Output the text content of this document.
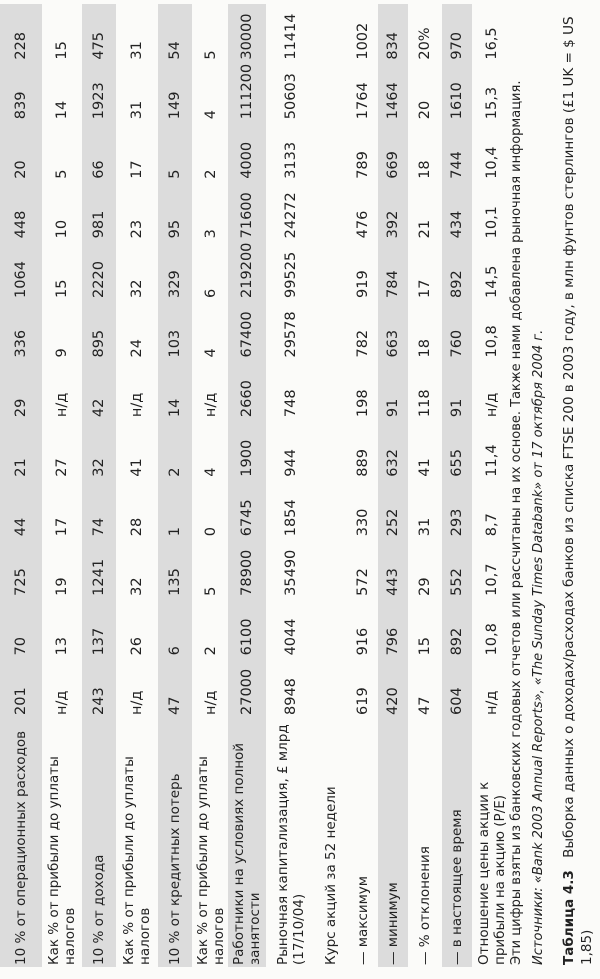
10 % от операционных расходов
201
70
725
44
21
29
336
1064
448
20
839
228
Как % от прибыли до уплаты налогов
н/д
13
19
17
27
н/д
9
15
10
5
14
15
10 % от дохода
243
137
1241
74
32
42
895
2220
981
66
1923
475
Как % от прибыли до уплаты налогов
н/д
26
32
28
41
н/д
24
32
23
17
31
31
10 % от кредитных потерь
47
6
135
1
2
14
103
329
95
5
149
54
Как % от прибыли до уплаты налогов
н/д
2
5
0
4
н/д
4
6
3
2
4
5
Работники на условиях полной занятости
27000
6100
78900
6745
1900
2660
67400
219200
71600
4000
111200
30000
Рыночная капитализация, £ млрд (17/10/04)
8948
4044
35490
1854
944
748
29578
99525
24272
3133
50603
11414
Курс акций за 52 недели — максимум
619
916
572
330
889
198
782
919
476
789
1764
1002
— минимум
420
796
443
252
632
91
663
784
392
669
1464
834
— % отклонения
47
15
29
31
41
118
18
17
21
18
20
20%
— в настоящее время
604
892
552
293
655
91
760
892
434
744
1610
970
Отношение цены акции к прибыли на акцию (P/E)
н/д
10,8
10,7
8,7
11,4
н/д
10,8
14,5
10,1
10,4
15,3
16,5
Эти цифры взяты из банковских годовых отчетов или рассчитаны на их основе. Также нами добавлена рыночная информация. Источники: «Bank 2003 Annual Reports», «The Sunday Times Databank» от 17 октября 2004 г. Таблица 4.3 Выборка данных о доходах/расходах банков из списка FTSE 200 в 2003 году, в млн фунтов стерлингов (£1 UK = $ US 1,85)
